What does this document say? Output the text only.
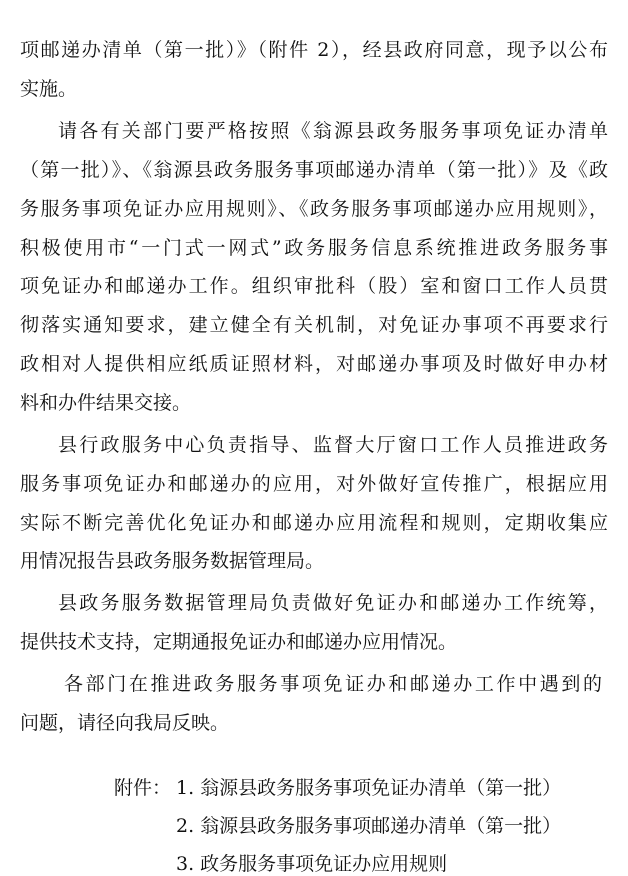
项邮递办清单（第一批）》（附件 2），经县政府同意，现予以公布
实施。
请各有关部门要严格按照《翁源县政务服务事项免证办清单
（第一批）》、《翁源县政务服务事项邮递办清单（第一批）》及《政
务服务事项免证办应用规则》、《政务服务事项邮递办应用规则》，
积极使用市“一门式一网式”政务服务信息系统推进政务服务事
项免证办和邮递办工作。组织审批科（股）室和窗口工作人员贯
彻落实通知要求，建立健全有关机制，对免证办事项不再要求行
政相对人提供相应纸质证照材料，对邮递办事项及时做好申办材
料和办件结果交接。
县行政服务中心负责指导、监督大厅窗口工作人员推进政务
服务事项免证办和邮递办的应用，对外做好宣传推广，根据应用
实际不断完善优化免证办和邮递办应用流程和规则，定期收集应
用情况报告县政务服务数据管理局。
县政务服务数据管理局负责做好免证办和邮递办工作统筹，
提供技术支持，定期通报免证办和邮递办应用情况。
各部门在推进政务服务事项免证办和邮递办工作中遇到的
问题，请径向我局反映。
附件： 1. 翁源县政务服务事项免证办清单（第一批）
2. 翁源县政务服务事项邮递办清单（第一批）
3. 政务服务事项免证办应用规则
